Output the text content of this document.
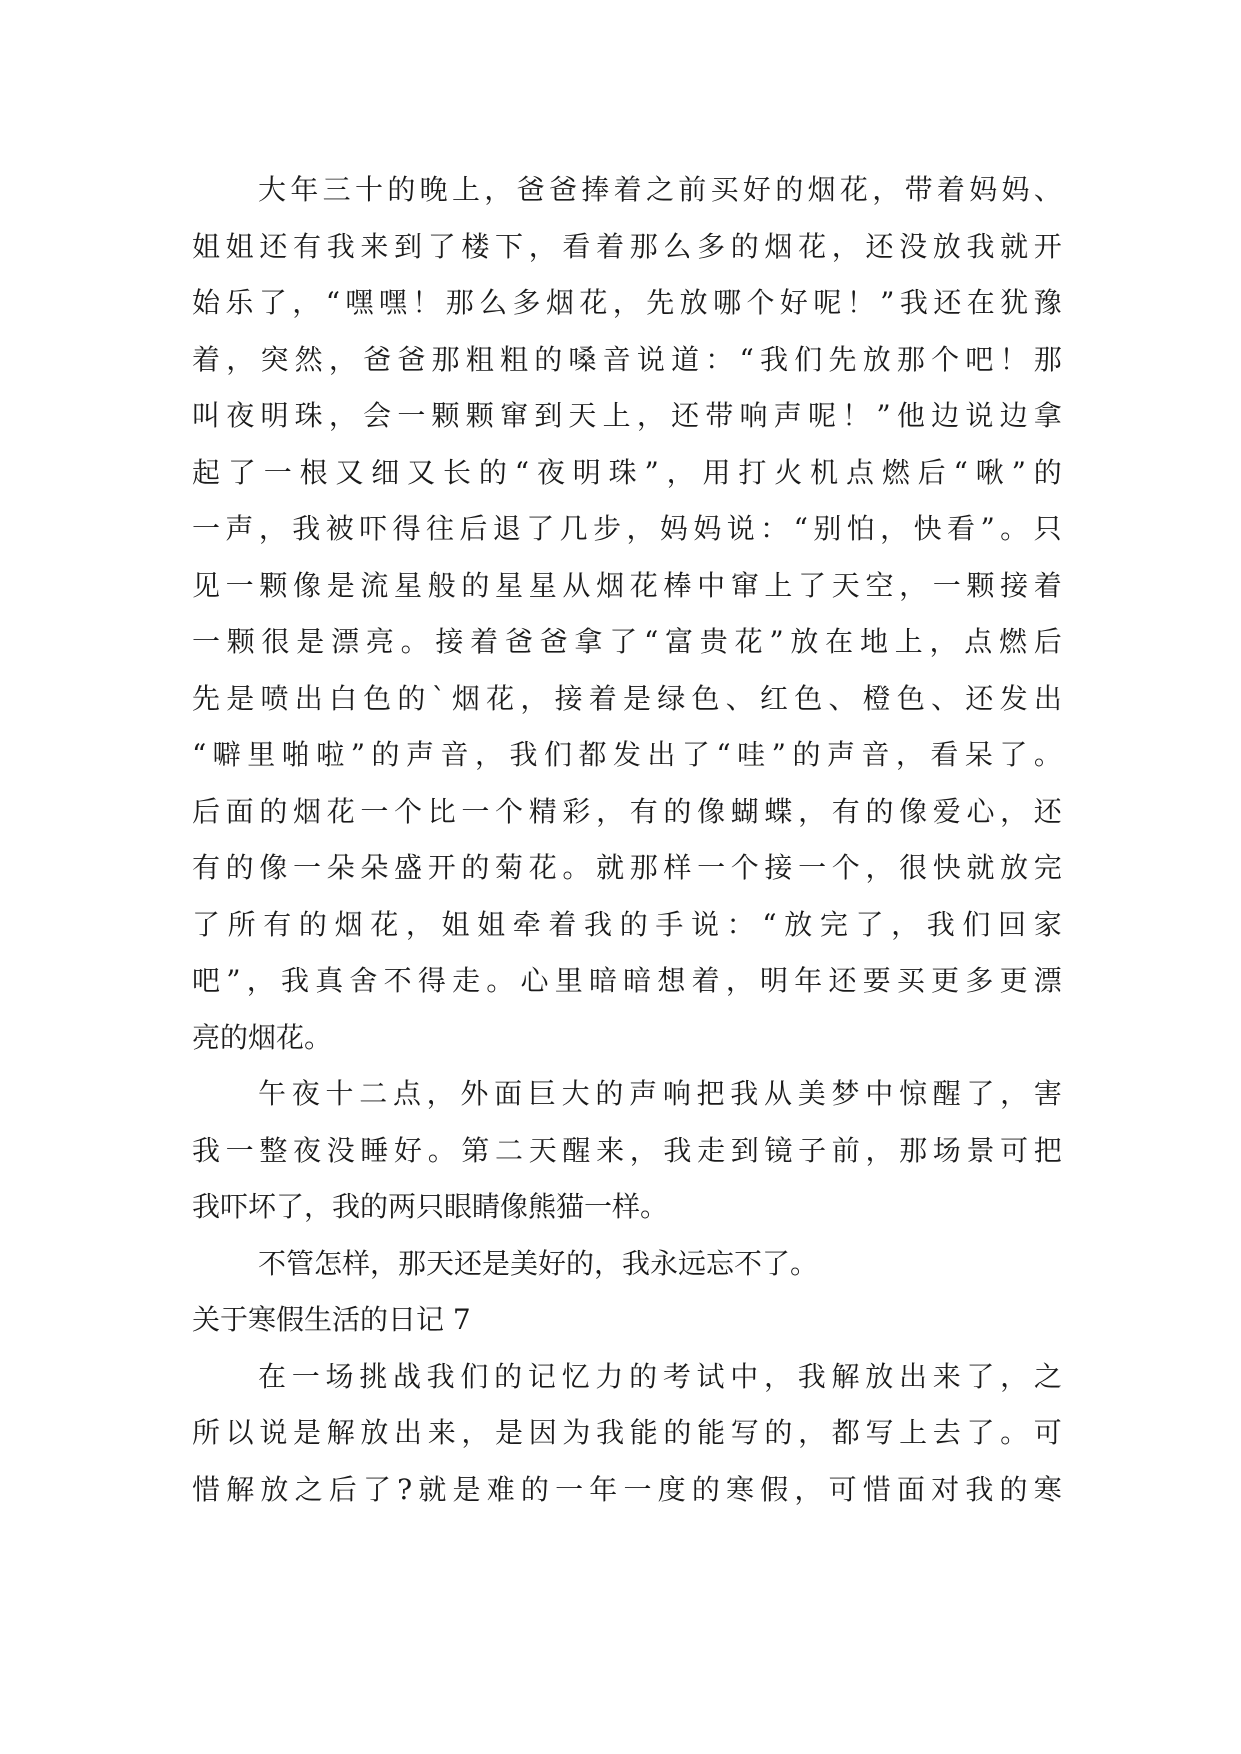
大 年 三 十 的 晚 上 ， 爸 爸 捧 着 之 前 买 好 的 烟 花 ， 带 着 妈 妈 、
姐 姐 还 有 我 来 到 了 楼 下 ， 看 着 那 么 多 的 烟 花 ， 还 没 放 我 就 开
始 乐 了 ， “ 嘿 嘿 ！ 那 么 多 烟 花 ， 先 放 哪 个 好 呢 ！ ” 我 还 在 犹 豫
着 ， 突 然 ， 爸 爸 那 粗 粗 的 嗓 音 说 道 ： “ 我 们 先 放 那 个 吧 ！ 那
叫 夜 明 珠 ， 会 一 颗 颗 窜 到 天 上 ， 还 带 响 声 呢 ！ ” 他 边 说 边 拿
起 了 一 根 又 细 又 长 的 “ 夜 明 珠 ” ， 用 打 火 机 点 燃 后 “ 啾 ” 的
一 声 ， 我 被 吓 得 往 后 退 了 几 步 ， 妈 妈 说 ： “ 别 怕 ， 快 看 ” 。 只
见 一 颗 像 是 流 星 般 的 星 星 从 烟 花 棒 中 窜 上 了 天 空 ， 一 颗 接 着
一 颗 很 是 漂 亮 。 接 着 爸 爸 拿 了 “ 富 贵 花 ” 放 在 地 上 ， 点 燃 后
先 是 喷 出 白 色 的 ` 烟 花 ， 接 着 是 绿 色 、 红 色 、 橙 色 、 还 发 出
“ 噼 里 啪 啦 ” 的 声 音 ， 我 们 都 发 出 了 “ 哇 ” 的 声 音 ， 看 呆 了 。
后 面 的 烟 花 一 个 比 一 个 精 彩 ， 有 的 像 蝴 蝶 ， 有 的 像 爱 心 ， 还
有 的 像 一 朵 朵 盛 开 的 菊 花 。 就 那 样 一 个 接 一 个 ， 很 快 就 放 完
了 所 有 的 烟 花 ， 姐 姐 牵 着 我 的 手 说 ： “ 放 完 了 ， 我 们 回 家
吧 ” ， 我 真 舍 不 得 走 。 心 里 暗 暗 想 着 ， 明 年 还 要 买 更 多 更 漂
亮的烟花。
午 夜 十 二 点 ， 外 面 巨 大 的 声 响 把 我 从 美 梦 中 惊 醒 了 ， 害
我 一 整 夜 没 睡 好 。 第 二 天 醒 来 ， 我 走 到 镜 子 前 ， 那 场 景 可 把
我吓坏了，我的两只眼睛像熊猫一样。
不管怎样，那天还是美好的，我永远忘不了。
关于寒假生活的日记 7
在 一 场 挑 战 我 们 的 记 忆 力 的 考 试 中 ， 我 解 放 出 来 了 ， 之
所 以 说 是 解 放 出 来 ， 是 因 为 我 能 的 能 写 的 ， 都 写 上 去 了 。 可
惜 解 放 之 后 了 ? 就 是 难 的 一 年 一 度 的 寒 假 ， 可 惜 面 对 我 的 寒
